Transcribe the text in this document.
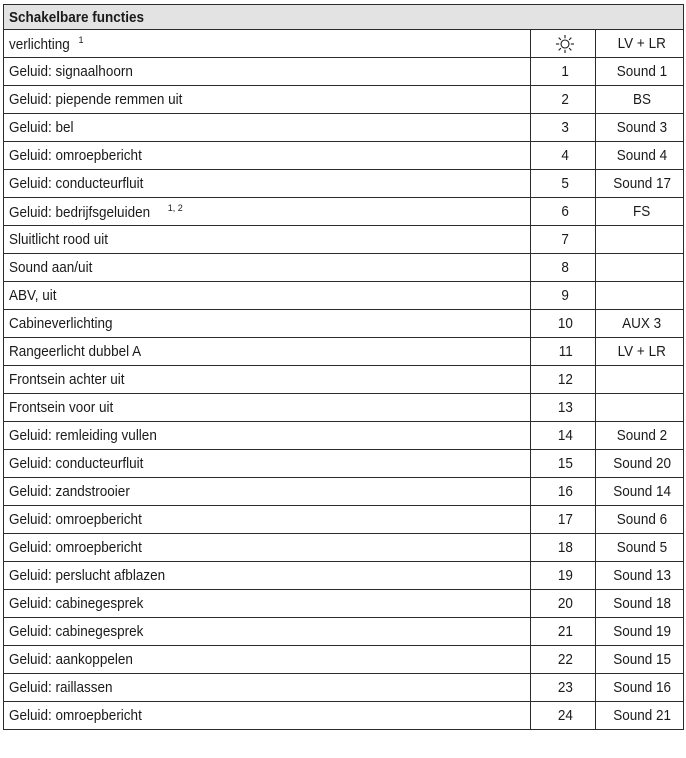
Schakelbare functies		
verlichting $^1$		LV + LR
Geluid: signaalhoorn	1	Sound 1
Geluid: piepende remmen uit	2	BS
Geluid: bel	3	Sound 3
Geluid: omroepbericht	4	Sound 4
Geluid: conducteurfluit	5	Sound 17
Geluid: bedrijfsgeluiden $^{1, 2}$	6	FS
Sluitlicht rood uit	7	
Sound aan/uit	8	
ABV, uit	9	
Cabineverlichting	10	AUX 3
Rangeerlicht dubbel A	11	LV + LR
Frontsein achter uit	12	
Frontsein voor uit	13	
Geluid: remleiding vullen	14	Sound 2
Geluid: conducteurfluit	15	Sound 20
Geluid: zandstrooier	16	Sound 14
Geluid: omroepbericht	17	Sound 6
Geluid: omroepbericht	18	Sound 5
Geluid: perslucht afblazen	19	Sound 13
Geluid: cabinegesprek	20	Sound 18
Geluid: cabinegesprek	21	Sound 19
Geluid: aankoppelen	22	Sound 15
Geluid: raillassen	23	Sound 16
Geluid: omroepbericht	24	Sound 21
